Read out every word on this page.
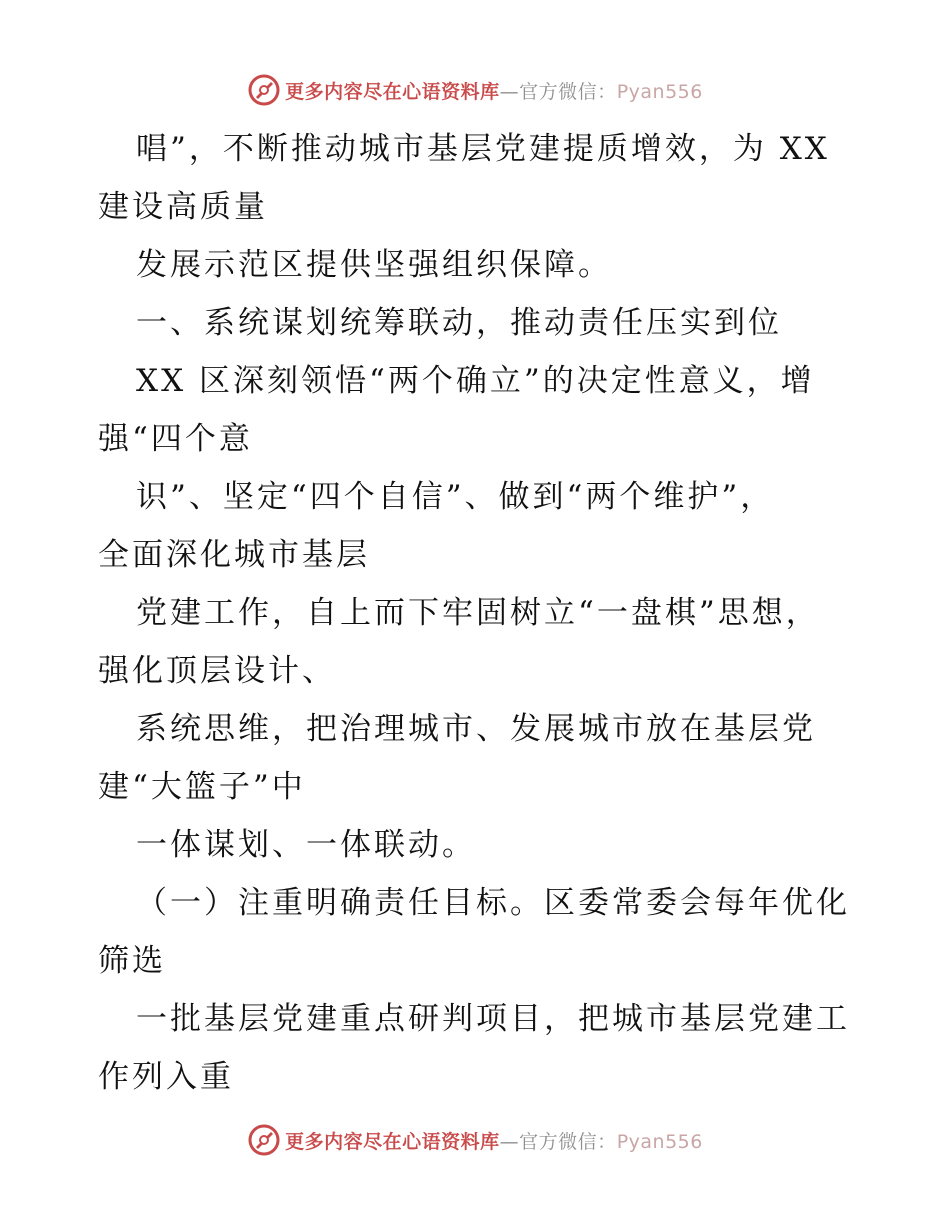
更多内容尽在心语资料库—官方微信：Pyan556
唱”，不断推动城市基层党建提质增效，为 XX
建设高质量
发展示范区提供坚强组织保障。
一、系统谋划统筹联动，推动责任压实到位
XX 区深刻领悟“两个确立”的决定性意义，增
强“四个意
识”、坚定“四个自信”、做到“两个维护”，
全面深化城市基层
党建工作，自上而下牢固树立“一盘棋”思想，
强化顶层设计、
系统思维，把治理城市、发展城市放在基层党
建“大篮子”中
一体谋划、一体联动。
（一）注重明确责任目标。区委常委会每年优化
筛选
一批基层党建重点研判项目，把城市基层党建工
作列入重
更多内容尽在心语资料库—官方微信：Pyan556
